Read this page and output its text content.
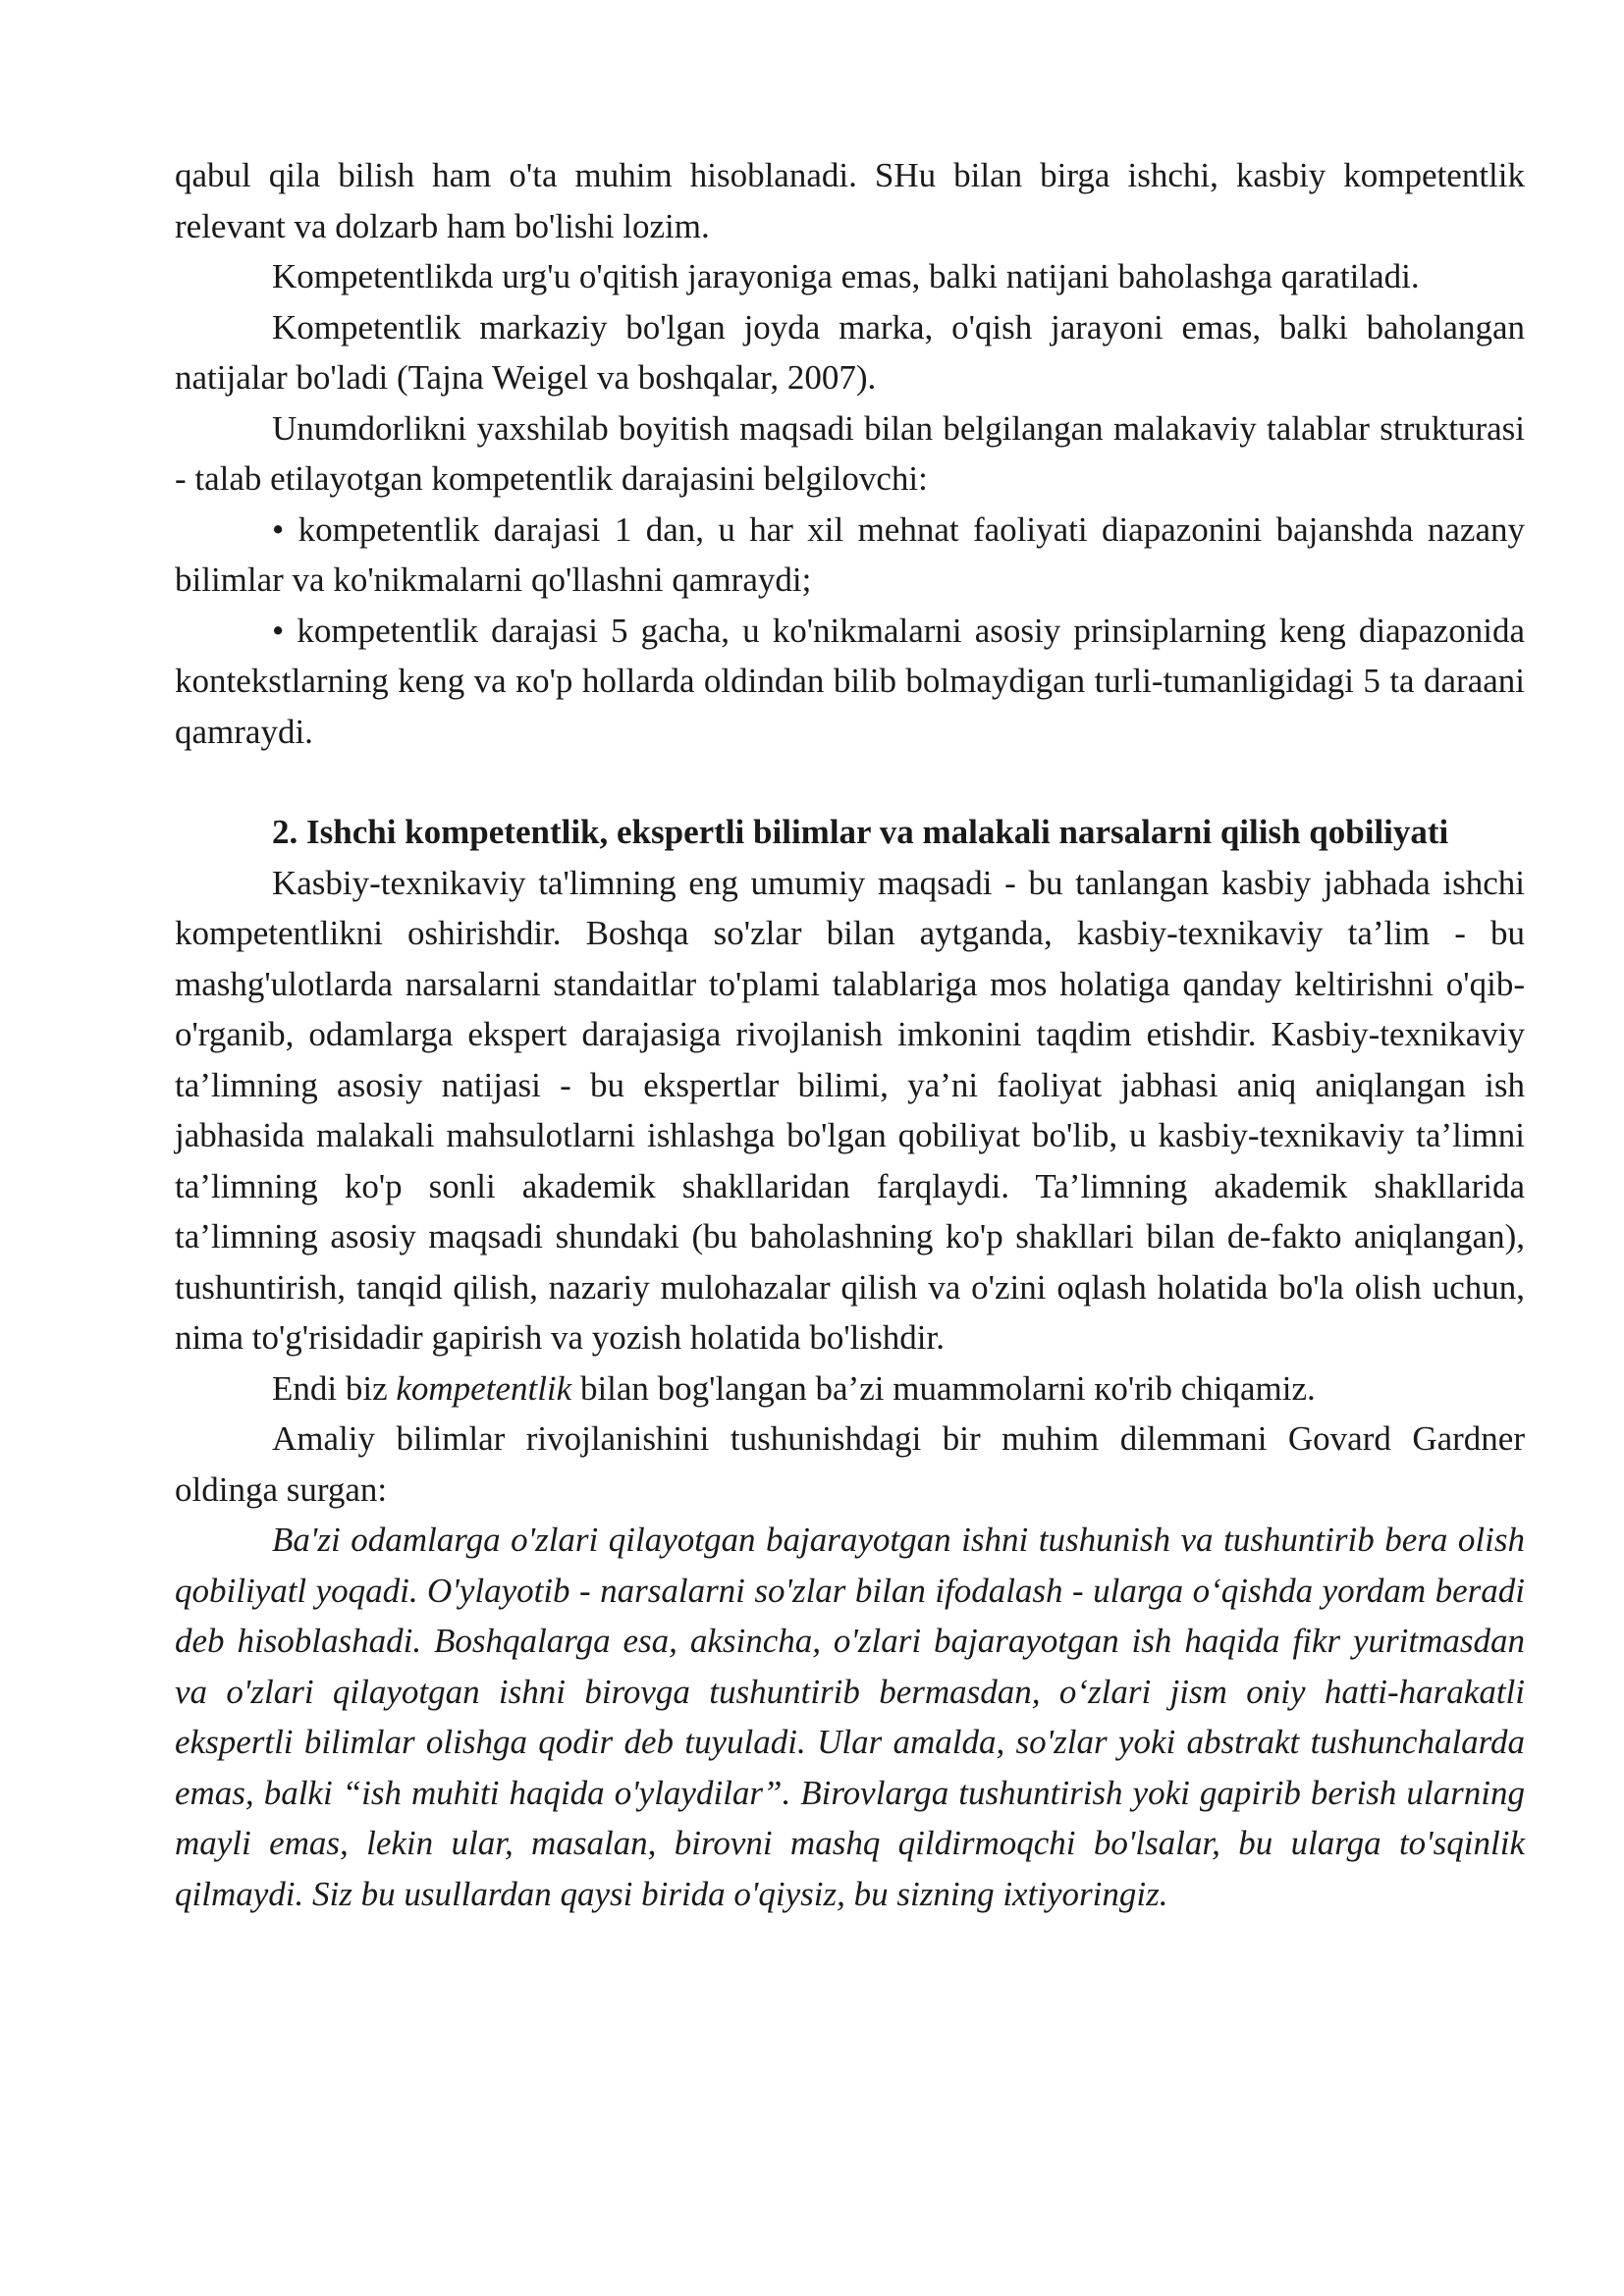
qabul qila bilish ham o'ta muhim hisoblanadi. SHu bilan birga ishchi, kasbiy kompetentlik relevant va dolzarb ham bo'lishi lozim.

Kompetentlikda urg'u o'qitish jarayoniga emas, balki natijani baholashga qaratiladi.

Kompetentlik markaziy bo'lgan joyda marka, o'qish jarayoni emas, balki baholangan natijalar bo'ladi (Tajna Weigel va boshqalar, 2007).

Unumdorlikni yaxshilab boyitish maqsadi bilan belgilangan malakaviy talablar strukturasi - talab etilayotgan kompetentlik darajasini belgilovchi:

• kompetentlik darajasi 1 dan, u har xil mehnat faoliyati diapazonini bajanshda nazany bilimlar va ko'nikmalarni qo'llashni qamraydi;

• kompetentlik darajasi 5 gacha, u ko'nikmalarni asosiy prinsiplarning keng diapazonida kontekstlarning keng va кo'p hollarda oldindan bilib bolmaydigan turli-tumanligidagi 5 ta daraani qamraydi.

2. Ishchi kompetentlik, ekspertli bilimlar va malakali narsalarni qilish qobiliyati

Kasbiy-texnikaviy ta'limning eng umumiy maqsadi - bu tanlangan kasbiy jabhada ishchi kompetentlikni oshirishdir. Boshqa so'zlar bilan aytganda, kasbiy-texnikaviy ta’lim - bu mashg'ulotlarda narsalarni standaitlar to'plami talablariga mos holatiga qanday keltirishni o'qib-o'rganib, odamlarga ekspert darajasiga rivojlanish imkonini taqdim etishdir. Kasbiy-texnikaviy ta’limning asosiy natijasi - bu ekspertlar bilimi, ya’ni faoliyat jabhasi aniq aniqlangan ish jabhasida malakali mahsulotlarni ishlashga bo'lgan qobiliyat bo'lib, u kasbiy-texnikaviy ta’limni ta’limning ko'p sonli akademik shakllaridan farqlaydi. Ta’limning akademik shakllarida ta’limning asosiy maqsadi shundaki (bu baholashning ko'p shakllari bilan de-fakto aniqlangan), tushuntirish, tanqid qilish, nazariy mulohazalar qilish va o'zini oqlash holatida bo'la olish uchun, nima to'g'risidadir gapirish va yozish holatida bo'lishdir.

Endi biz kompetentlik bilan bog'langan ba’zi muammolarni кo'rib chiqamiz.

Amaliy bilimlar rivojlanishini tushunishdagi bir muhim dilemmani Govard Gardner oldinga surgan:

Ba'zi odamlarga o'zlari qilayotgan bajarayotgan ishni tushunish va tushuntirib bera olish qobiliyatl yoqadi. O'ylayotib - narsalarni so'zlar bilan ifodalash - ularga o‘qishda yordam beradi deb hisoblashadi. Boshqalarga esa, aksincha, o'zlari bajarayotgan ish haqida fikr yuritmasdan va o'zlari qilayotgan ishni birovga tushuntirib bermasdan, o‘zlari jism oniy hatti-harakatli ekspertli bilimlar olishga qodir deb tuyuladi. Ular amalda, so'zlar yoki abstrakt tushunchalarda emas, balki “ish muhiti haqida o'ylaydilar”. Birovlarga tushuntirish yoki gapirib berish ularning mayli emas, lekin ular, masalan, birovni mashq qildirmoqchi bo'lsalar, bu ularga to'sqinlik qilmaydi. Siz bu usullardan qaysi birida o'qiysiz, bu sizning ixtiyoringiz.
